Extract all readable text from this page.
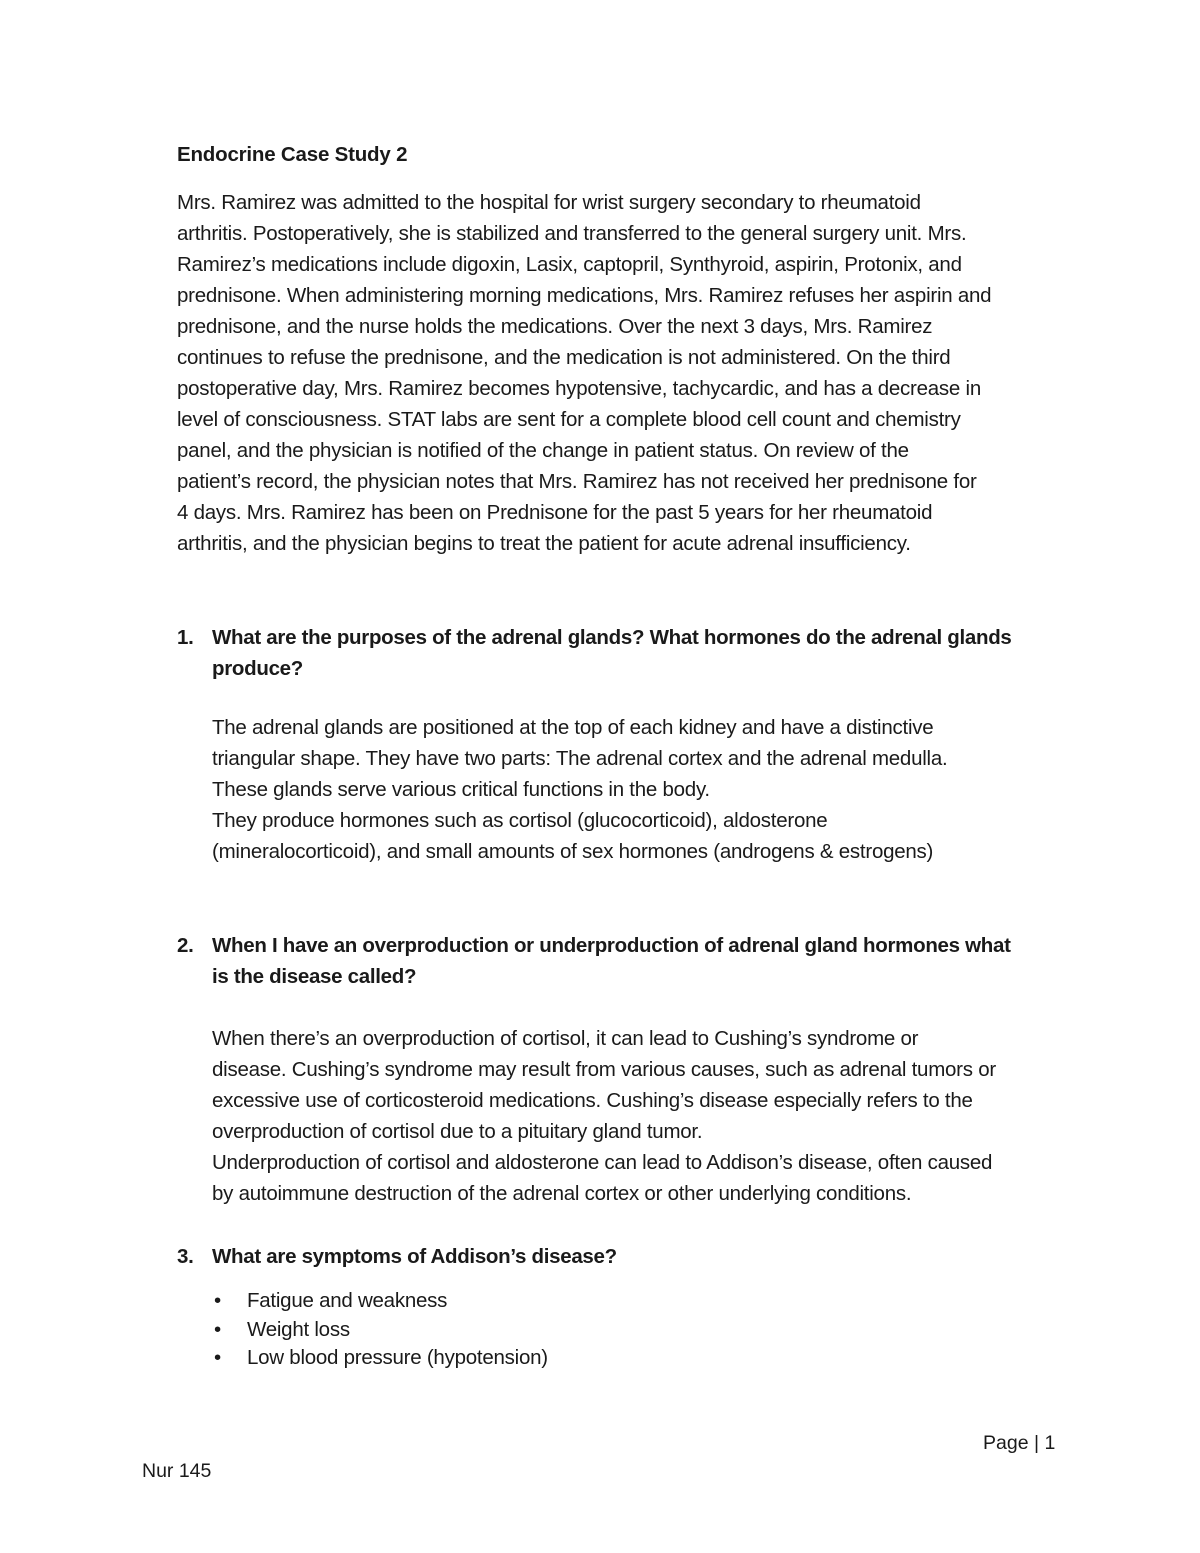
Endocrine Case Study 2
Mrs. Ramirez was admitted to the hospital for wrist surgery secondary to rheumatoid
arthritis. Postoperatively, she is stabilized and transferred to the general surgery unit. Mrs.
Ramirez’s medications include digoxin, Lasix, captopril, Synthyroid, aspirin, Protonix, and
prednisone. When administering morning medications, Mrs. Ramirez refuses her aspirin and
prednisone, and the nurse holds the medications. Over the next 3 days, Mrs. Ramirez
continues to refuse the prednisone, and the medication is not administered. On the third
postoperative day, Mrs. Ramirez becomes hypotensive, tachycardic, and has a decrease in
level of consciousness. STAT labs are sent for a complete blood cell count and chemistry
panel, and the physician is notified of the change in patient status. On review of the
patient’s record, the physician notes that Mrs. Ramirez has not received her prednisone for
4 days. Mrs. Ramirez has been on Prednisone for the past 5 years for her rheumatoid
arthritis, and the physician begins to treat the patient for acute adrenal insufficiency.
1. What are the purposes of the adrenal glands? What hormones do the adrenal glands
produce?

The adrenal glands are positioned at the top of each kidney and have a distinctive

triangular shape. They have two parts: The adrenal cortex and the adrenal medulla.

These glands serve various critical functions in the body.

They produce hormones such as cortisol (glucocorticoid), aldosterone

(mineralocorticoid), and small amounts of sex hormones (androgens & estrogens)

2. When I have an overproduction or underproduction of adrenal gland hormones what
is the disease called?

When there’s an overproduction of cortisol, it can lead to Cushing’s syndrome or

disease. Cushing’s syndrome may result from various causes, such as adrenal tumors or

excessive use of corticosteroid medications. Cushing’s disease especially refers to the

overproduction of cortisol due to a pituitary gland tumor.

Underproduction of cortisol and aldosterone can lead to Addison’s disease, often caused

by autoimmune destruction of the adrenal cortex or other underlying conditions.

3. What are symptoms of Addison’s disease?
• Fatigue and weakness
• Weight loss
• Low blood pressure (hypotension)
Page | 1
Nur 145
